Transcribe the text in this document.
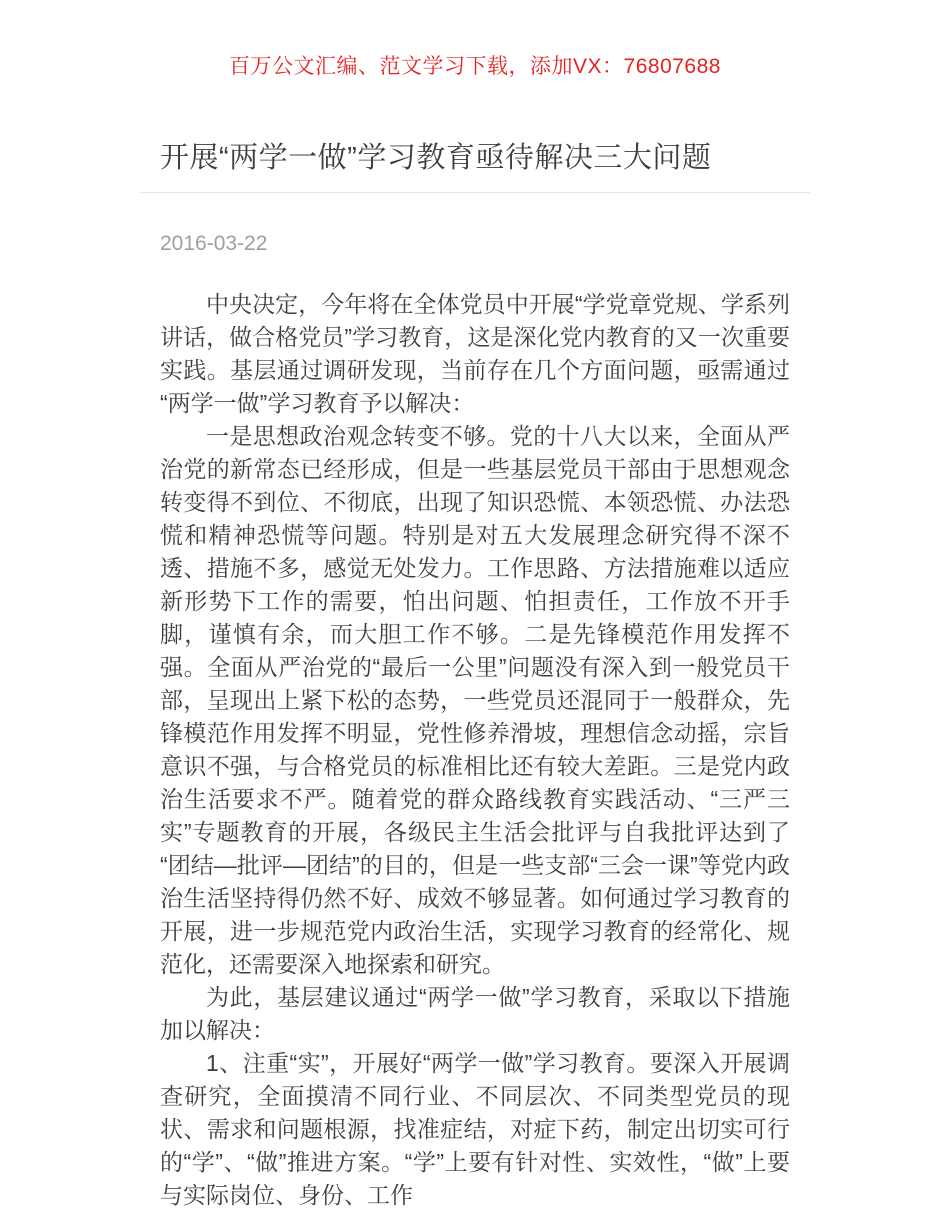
百万公文汇编、范文学习下载，添加VX：76807688
开展“两学一做”学习教育亟待解决三大问题
2016-03-22

中央决定，今年将在全体党员中开展“学党章党规、学系列讲话，做合格党员”学习教育，这是深化党内教育的又一次重要实践。基层通过调研发现，当前存在几个方面问题，亟需通过“两学一做”学习教育予以解决：

一是思想政治观念转变不够。党的十八大以来，全面从严治党的新常态已经形成，但是一些基层党员干部由于思想观念转变得不到位、不彻底，出现了知识恐慌、本领恐慌、办法恐慌和精神恐慌等问题。特别是对五大发展理念研究得不深不透、措施不多，感觉无处发力。工作思路、方法措施难以适应新形势下工作的需要，怕出问题、怕担责任，工作放不开手脚，谨慎有余，而大胆工作不够。二是先锋模范作用发挥不强。全面从严治党的“最后一公里”问题没有深入到一般党员干部，呈现出上紧下松的态势，一些党员还混同于一般群众，先锋模范作用发挥不明显，党性修养滑坡，理想信念动摇，宗旨意识不强，与合格党员的标准相比还有较大差距。三是党内政治生活要求不严。随着党的群众路线教育实践活动、“三严三实”专题教育的开展，各级民主生活会批评与自我批评达到了“团结—批评—团结”的目的，但是一些支部“三会一课”等党内政治生活坚持得仍然不好、成效不够显著。如何通过学习教育的开展，进一步规范党内政治生活，实现学习教育的经常化、规范化，还需要深入地探索和研究。

为此，基层建议通过“两学一做”学习教育，采取以下措施加以解决：

1、注重“实”，开展好“两学一做”学习教育。要深入开展调查研究，全面摸清不同行业、不同层次、不同类型党员的现状、需求和问题根源，找准症结，对症下药，制定出切实可行的“学”、“做”推进方案。“学”上要有针对性、实效性，“做”上要与实际岗位、身份、工作
